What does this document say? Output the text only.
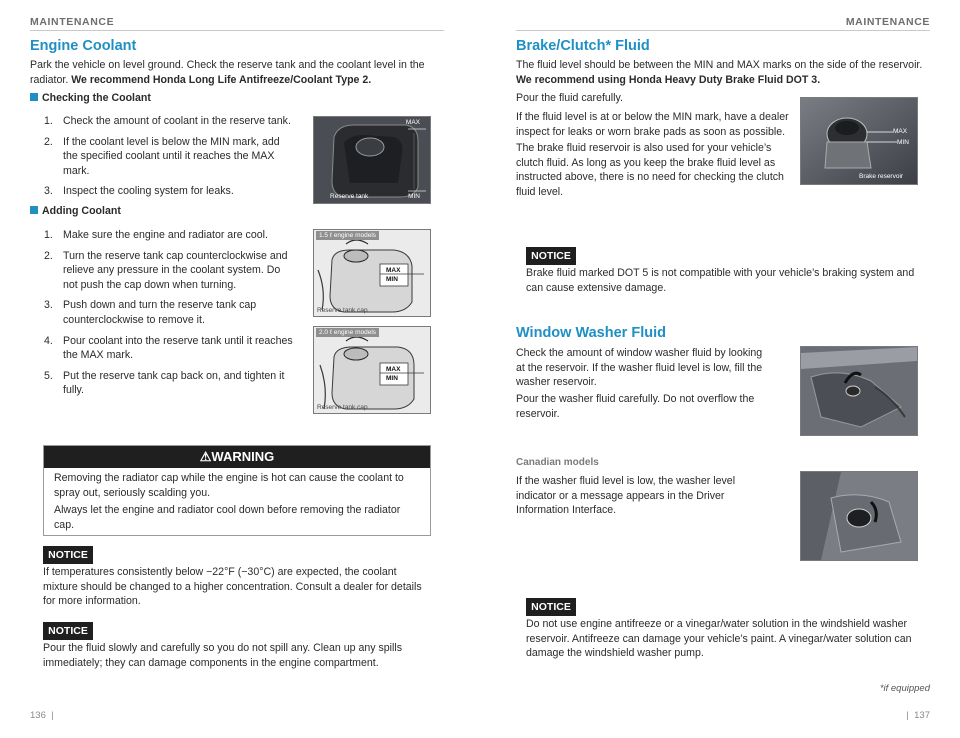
MAINTENANCE	MAINTENANCE
Engine Coolant
Park the vehicle on level ground. Check the reserve tank and the coolant level in the radiator. We recommend Honda Long Life Antifreeze/Coolant Type 2.
Checking the Coolant
1. Check the amount of coolant in the reserve tank.
2. If the coolant level is below the MIN mark, add the specified coolant until it reaches the MAX mark.
3. Inspect the cooling system for leaks.
MAX
MIN
Reserve tank
Adding Coolant
1. Make sure the engine and radiator are cool.
2. Turn the reserve tank cap counterclockwise and relieve any pressure in the coolant system. Do not push the cap down when turning.
3. Push down and turn the reserve tank cap counterclockwise to remove it.
4. Pour coolant into the reserve tank until it reaches the MAX mark.
5. Put the reserve tank cap back on, and tighten it fully.
1.5 ℓ engine models
MAX
MIN
Reserve tank cap
2.0 ℓ engine models
MAX
MIN
Reserve tank cap
⚠WARNING
Removing the radiator cap while the engine is hot can cause the coolant to spray out, seriously scalding you.
Always let the engine and radiator cool down before removing the radiator cap.
NOTICE
If temperatures consistently below −22°F (−30°C) are expected, the coolant mixture should be changed to a higher concentration. Consult a dealer for details for more information.
NOTICE
Pour the fluid slowly and carefully so you do not spill any. Clean up any spills immediately; they can damage components in the engine compartment.
Brake/Clutch* Fluid
The fluid level should be between the MIN and MAX marks on the side of the reservoir. We recommend using Honda Heavy Duty Brake Fluid DOT 3.
Pour the fluid carefully.
If the fluid level is at or below the MIN mark, have a dealer inspect for leaks or worn brake pads as soon as possible.
The brake fluid reservoir is also used for your vehicle’s clutch fluid. As long as you keep the brake fluid level as instructed above, there is no need for checking the clutch fluid level.
MAX
MIN
Brake reservoir
NOTICE
Brake fluid marked DOT 5 is not compatible with your vehicle’s braking system and can cause extensive damage.
Window Washer Fluid
Check the amount of window washer fluid by looking at the reservoir. If the washer fluid level is low, fill the washer reservoir.
Pour the washer fluid carefully. Do not overflow the reservoir.
Canadian models
If the washer fluid level is low, the washer level indicator or a message appears in the Driver Information Interface.
NOTICE
Do not use engine antifreeze or a vinegar/water solution in the windshield washer reservoir. Antifreeze can damage your vehicle’s paint. A vinegar/water solution can damage the windshield washer pump.
*if equipped
136  |	|  137
